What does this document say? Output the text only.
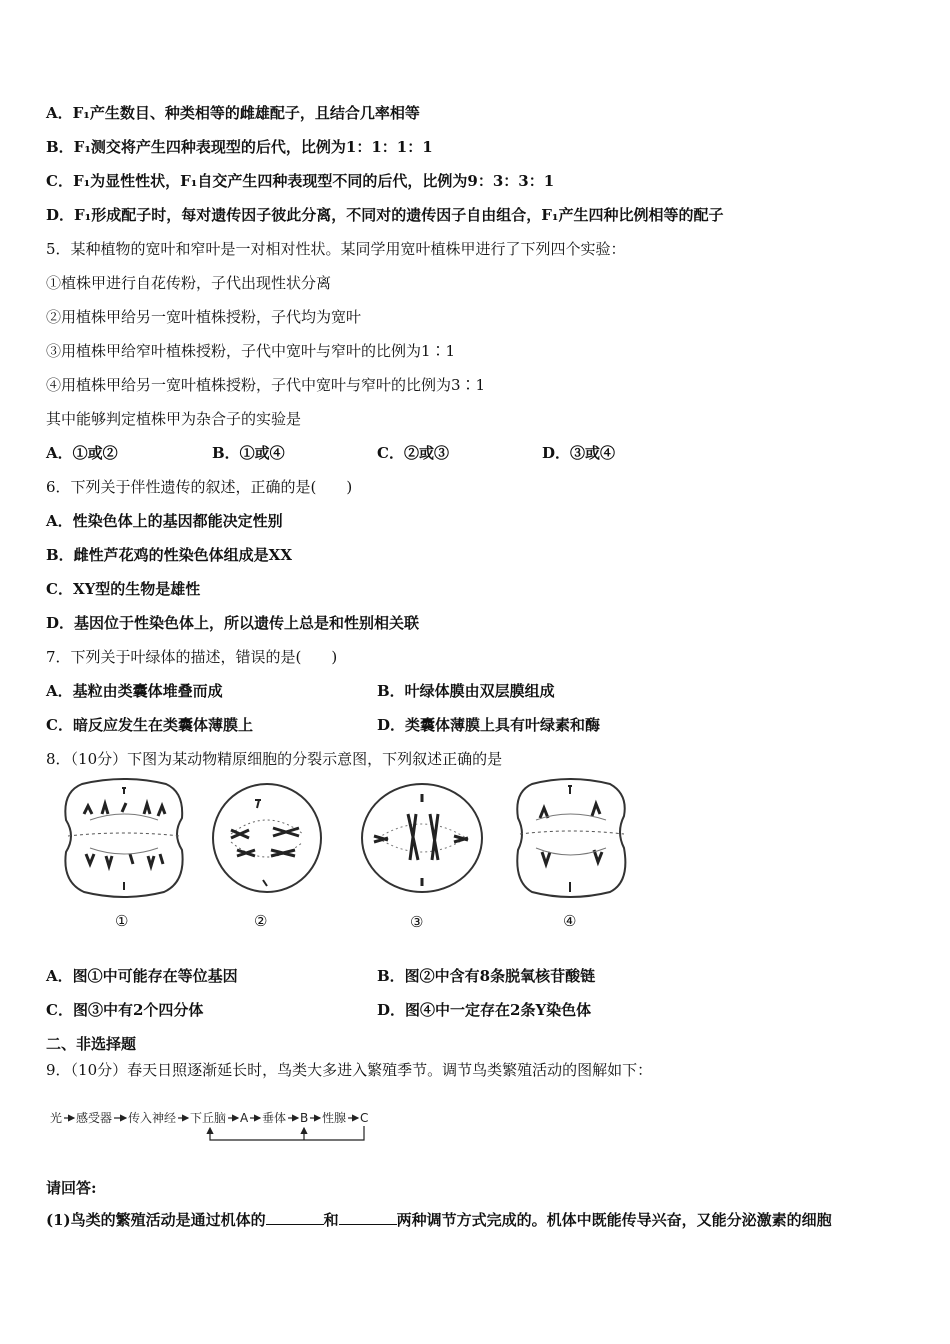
A．F₁产生数目、种类相等的雌雄配子，且结合几率相等
B．F₁测交将产生四种表现型的后代，比例为1：1：1：1
C．F₁为显性性状，F₁自交产生四种表现型不同的后代，比例为9：3：3：1
D．F₁形成配子时，每对遗传因子彼此分离，不同对的遗传因子自由组合，F₁产生四种比例相等的配子
5．某种植物的宽叶和窄叶是一对相对性状。某同学用宽叶植株甲进行了下列四个实验：
①植株甲进行自花传粉，子代出现性状分离
②用植株甲给另一宽叶植株授粉，子代均为宽叶
③用植株甲给窄叶植株授粉，子代中宽叶与窄叶的比例为1∶1
④用植株甲给另一宽叶植株授粉，子代中宽叶与窄叶的比例为3∶1
其中能够判定植株甲为杂合子的实验是
A．①或②	B．①或④	C．②或③	D．③或④
6．下列关于伴性遗传的叙述，正确的是(　　)
A．性染色体上的基因都能决定性别
B．雌性芦花鸡的性染色体组成是XX
C．XY型的生物是雄性
D．基因位于性染色体上，所以遗传上总是和性别相关联
7．下列关于叶绿体的描述，错误的是(　　)
A．基粒由类囊体堆叠而成	B．叶绿体膜由双层膜组成
C．暗反应发生在类囊体薄膜上	D．类囊体薄膜上具有叶绿素和酶
8．（10分）下图为某动物精原细胞的分裂示意图，下列叙述正确的是
①	②	③	④
A．图①中可能存在等位基因	B．图②中含有8条脱氧核苷酸链
C．图③中有2个四分体	D．图④中一定存在2条Y染色体
二、非选择题
9．（10分）春天日照逐渐延长时，鸟类大多进入繁殖季节。调节鸟类繁殖活动的图解如下：
光 感受器 传入神经 下丘脑 A 垂体 B 性腺 C
请回答:
(1)鸟类的繁殖活动是通过机体的	和	两种调节方式完成的。机体中既能传导兴奋，又能分泌激素的细胞
